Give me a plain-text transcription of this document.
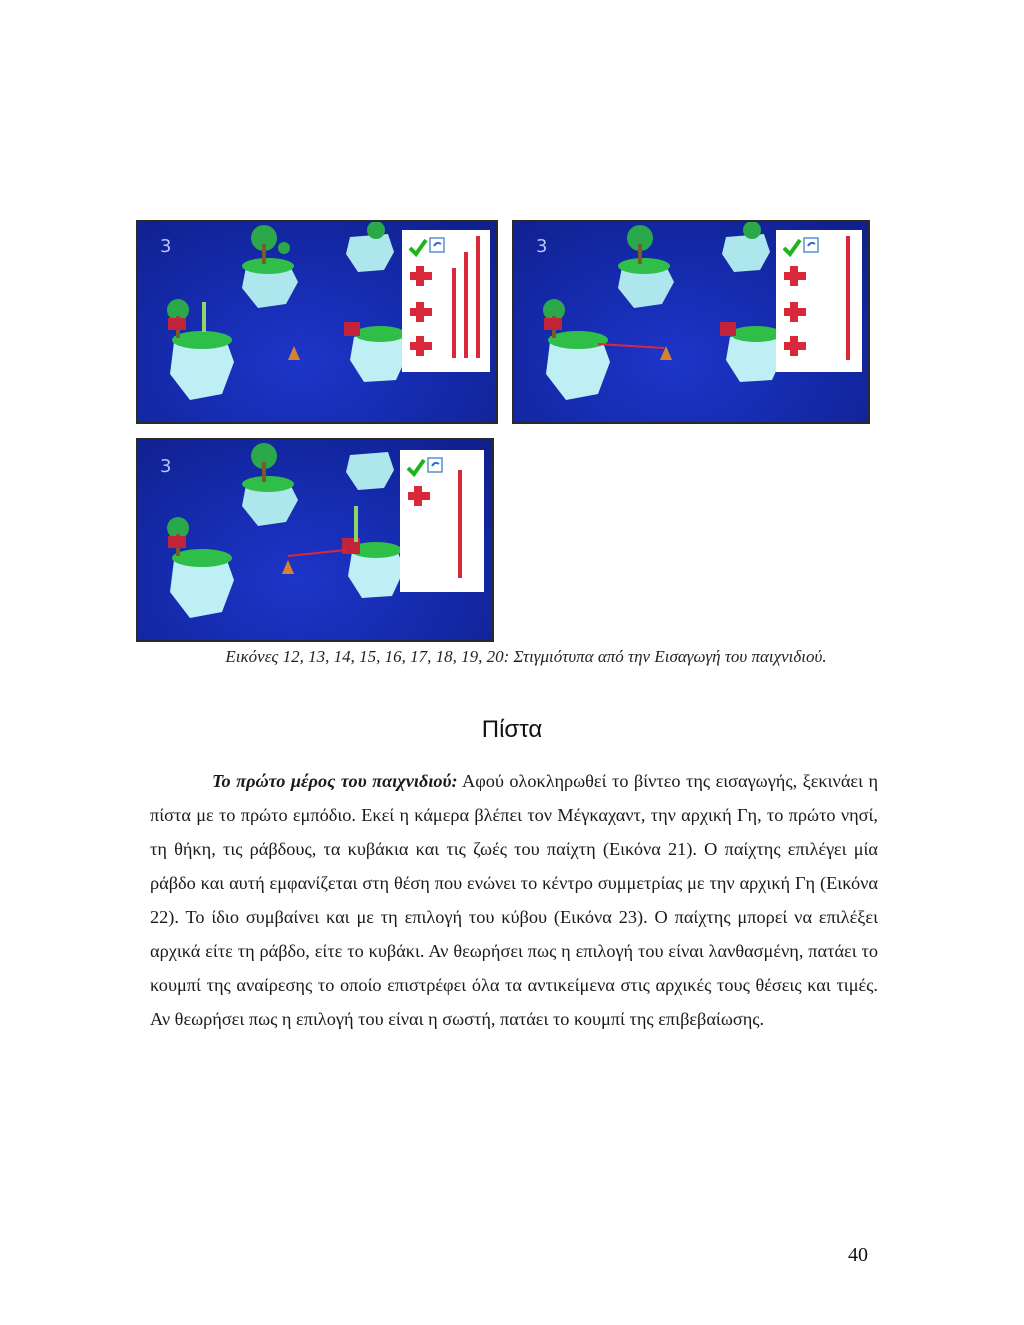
3	3
3
Εικόνες 12, 13, 14, 15, 16, 17, 18, 19, 20: Στιγμιότυπα από την Εισαγωγή του παιχνιδιού.
Πίστα
Το πρώτο μέρος του παιχνιδιού: Αφού ολοκληρωθεί το βίντεο της εισαγωγής, ξεκινάει η πίστα με το πρώτο εμπόδιο. Εκεί η κάμερα βλέπει τον Μέγκαχαντ, την αρχική Γη, το πρώτο νησί, τη θήκη, τις ράβδους, τα κυβάκια και τις ζωές του παίχτη (Εικόνα 21). Ο παίχτης επιλέγει μία ράβδο και αυτή εμφανίζεται στη θέση που ενώνει το κέντρο συμμετρίας με την αρχική Γη (Εικόνα 22). Το ίδιο συμβαίνει και με τη επιλογή του κύβου (Εικόνα 23). Ο παίχτης μπορεί να επιλέξει αρχικά είτε τη ράβδο, είτε το κυβάκι. Αν θεωρήσει πως η επιλογή του είναι λανθασμένη, πατάει το κουμπί της αναίρεσης το οποίο επιστρέφει όλα τα αντικείμενα στις αρχικές τους θέσεις και τιμές. Αν θεωρήσει πως η επιλογή του είναι η σωστή, πατάει το κουμπί της επιβεβαίωσης.
40
